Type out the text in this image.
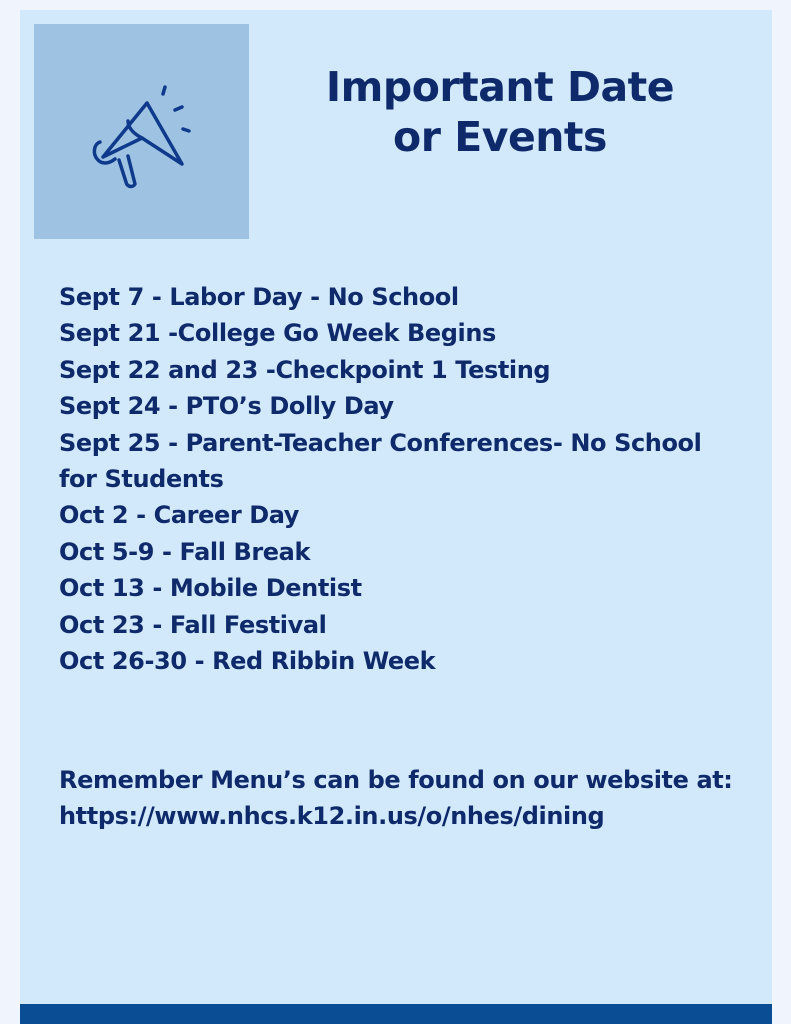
Important Date
or Events
Sept 7 - Labor Day - No School
Sept 21 -College Go Week Begins
Sept 22 and 23 -Checkpoint 1 Testing
Sept 24 - PTO’s Dolly Day
Sept 25 - Parent-Teacher Conferences- No School for Students
Oct 2 - Career Day
Oct 5-9 - Fall Break
Oct 13 - Mobile Dentist
Oct 23 - Fall Festival
Oct 26-30 - Red Ribbin Week

Remember Menu’s can be found on our website at:
https://www.nhcs.k12.in.us/o/nhes/dining
